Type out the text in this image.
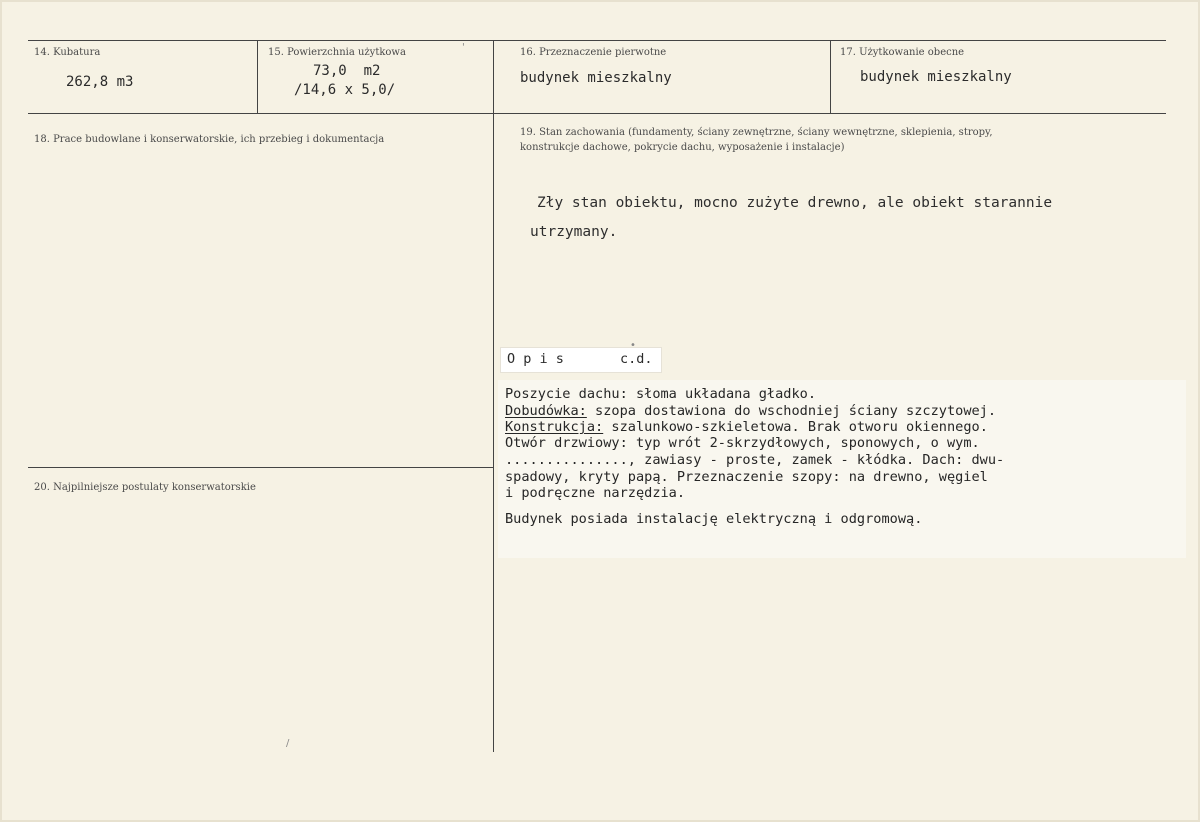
14. Kubatura
262,8 m3
15. Powierzchnia użytkowa
73,0  m2
/14,6 x 5,0/
16. Przeznaczenie pierwotne
budynek mieszkalny
17. Użytkowanie obecne
budynek mieszkalny
18. Prace budowlane i konserwatorskie, ich przebieg i dokumentacja
19. Stan zachowania (fundamenty, ściany zewnętrzne, ściany wewnętrzne, sklepienia, stropy,
konstrukcje dachowe, pokrycie dachu, wyposażenie i instalacje)
Zły stan obiektu, mocno zużyte drewno, ale obiekt starannie
utrzymany.
20. Najpilniejsze postulaty konserwatorskie
O p i s	c.d.
Poszycie dachu: słoma układana gładko.
Dobudówka: szopa dostawiona do wschodniej ściany szczytowej.
Konstrukcja: szalunkowo-szkieletowa. Brak otworu okiennego.
Otwór drzwiowy: typ wrót 2-skrzydłowych, sponowych, o wym.
..............., zawiasy - proste, zamek - kłódka. Dach: dwu-
spadowy, kryty papą. Przeznaczenie szopy: na drewno, węgiel
i podręczne narzędzia.
Budynek posiada instalację elektryczną i odgromową.
'
•
/
